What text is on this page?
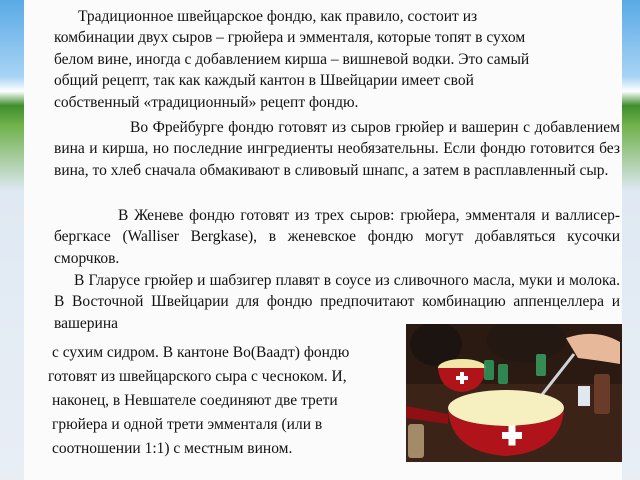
Традиционное швейцарское фондю, как правило, состоит из комбинации двух сыров – грюйера и эмменталя, которые топят в сухом белом вине, иногда с добавлением кирша – вишневой водки. Это самый общий рецепт, так как каждый кантон в Швейцарии имеет свой собственный «традиционный» рецепт фондю.

Во Фрейбурге фондю готовят из сыров грюйер и вашерин с добавлением вина и кирша, но последние ингредиенты необязательны. Если фондю готовится без вина, то хлеб сначала обмакивают в сливовый шнапс, а затем в расплавленный сыр.

В Женеве фондю готовят из трех сыров: грюйера, эмменталя и валлисер-бергкасе (Walliser Bergkase), в женевское фондю могут добавляться кусочки сморчков.

В Гларусе грюйер и шабзигер плавят в соусе из сливочного масла, муки и молока. В Восточной Швейцарии для фондю предпочитают комбинацию аппенцеллера и вашерина

с сухим сидром. В кантоне Во(Ваадт) фондю

готовят из швейцарского сыра с чесноком. И,

наконец, в Невшателе соединяют две трети

грюйера и одной трети эмменталя (или в

соотношении 1:1) с местным вином.
